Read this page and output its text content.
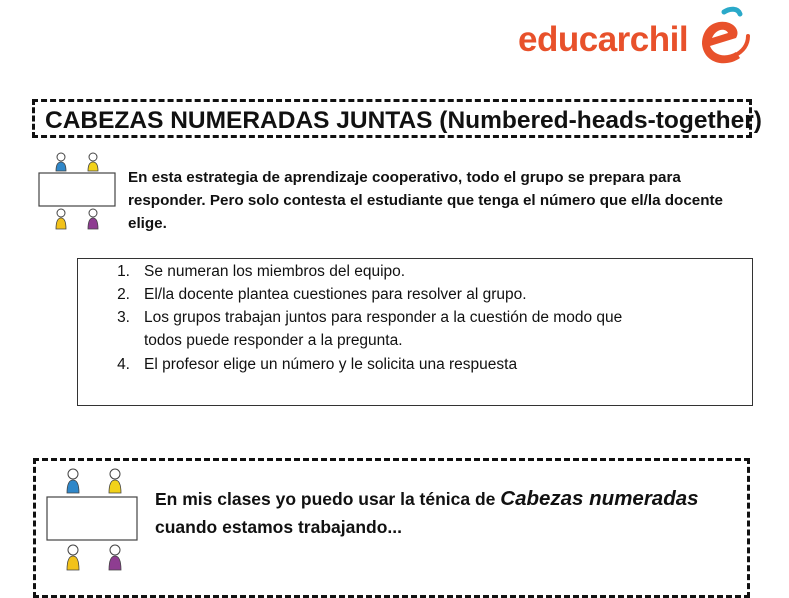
educarchil
CABEZAS NUMERADAS JUNTAS (Numbered-heads-together)
En esta estrategia de aprendizaje cooperativo, todo el grupo se prepara para responder. Pero solo contesta el estudiante que tenga el número que el/la docente elige.
1. Se numeran los miembros del equipo.
2. El/la docente plantea cuestiones para resolver al grupo.
3. Los grupos trabajan juntos para responder a la cuestión de modo que
todos puede responder a la pregunta.
4. El profesor elige un número y le solicita una respuesta
En mis clases yo puedo usar la ténica de Cabezas numeradas
cuando estamos trabajando...
